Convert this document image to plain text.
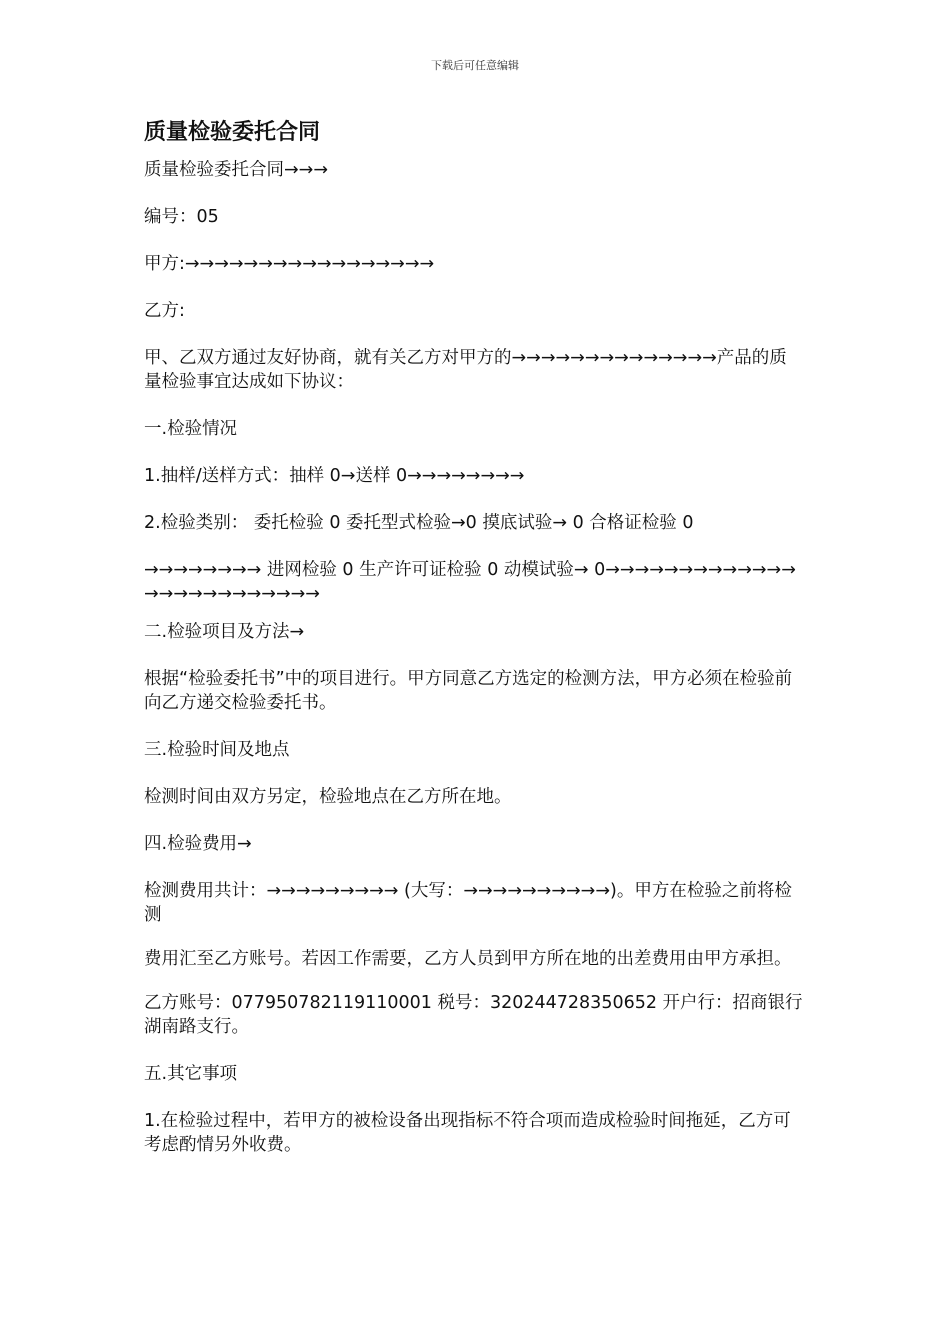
下载后可任意编辑
质量检验委托合同

质量检验委托合同→→→

编号：05

甲方:→→→→→→→→→→→→→→→→→

乙方:

甲、乙双方通过友好协商，就有关乙方对甲方的→→→→→→→→→→→→→→产品的质量检验事宜达成如下协议：

一.检验情况

1.抽样/送样方式：抽样 0→送样 0→→→→→→→→

2.检验类别： 委托检验 0 委托型式检验→0 摸底试验→ 0 合格证检验 0

→→→→→→→→ 进网检验 0 生产许可证检验 0 动模试验→ 0→→→→→→→→→→→→→→→→→→→→→→→→→

二.检验项目及方法→

根据“检验委托书”中的项目进行。甲方同意乙方选定的检测方法，甲方必须在检验前向乙方递交检验委托书。

三.检验时间及地点

检测时间由双方另定，检验地点在乙方所在地。

四.检验费用→

检测费用共计：→→→→→→→→→ (大写：→→→→→→→→→→)。甲方在检验之前将检测

费用汇至乙方账号。若因工作需要，乙方人员到甲方所在地的出差费用由甲方承担。

乙方账号：077950782119110001 税号：320244728350652 开户行：招商银行湖南路支行。

五.其它事项

1.在检验过程中，若甲方的被检设备出现指标不符合项而造成检验时间拖延，乙方可考虑酌情另外收费。
